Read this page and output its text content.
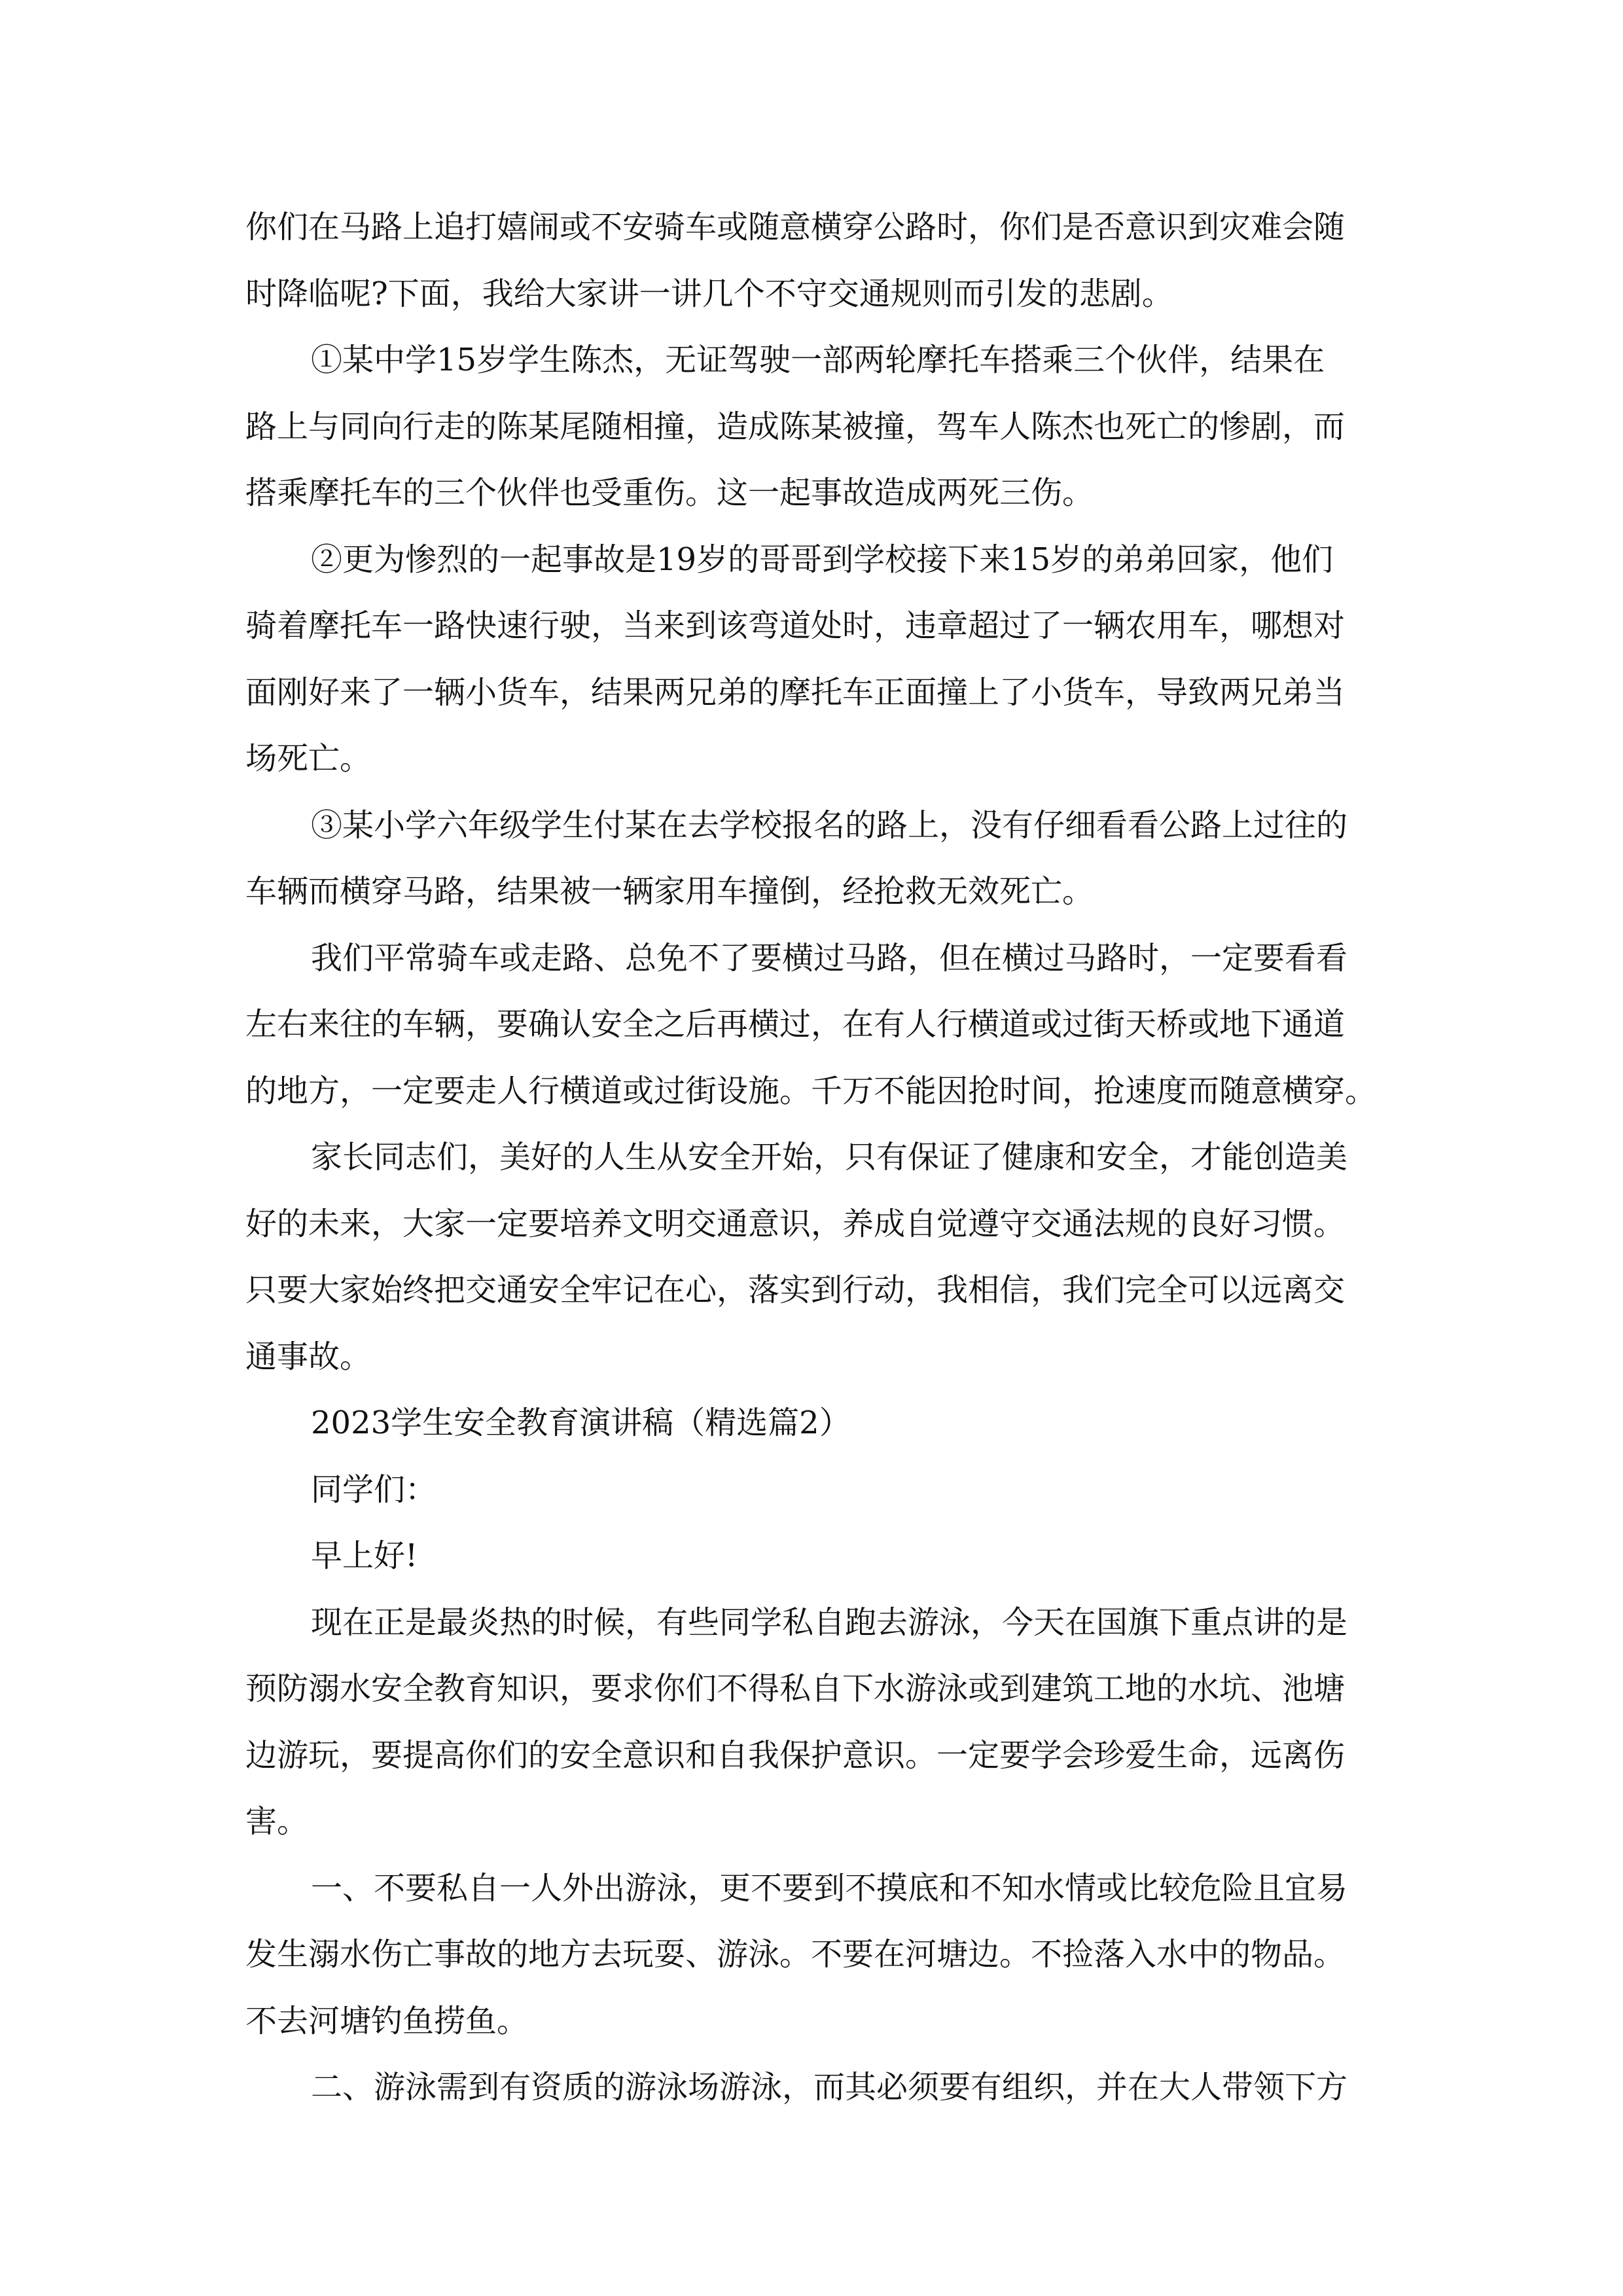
你们在马路上追打嬉闹或不安骑车或随意横穿公路时，你们是否意识到灾难会随

时降临呢?下面，我给大家讲一讲几个不守交通规则而引发的悲剧。

①某中学15岁学生陈杰，无证驾驶一部两轮摩托车搭乘三个伙伴，结果在

路上与同向行走的陈某尾随相撞，造成陈某被撞，驾车人陈杰也死亡的惨剧，而

搭乘摩托车的三个伙伴也受重伤。这一起事故造成两死三伤。

②更为惨烈的一起事故是19岁的哥哥到学校接下来15岁的弟弟回家，他们

骑着摩托车一路快速行驶，当来到该弯道处时，违章超过了一辆农用车，哪想对

面刚好来了一辆小货车，结果两兄弟的摩托车正面撞上了小货车，导致两兄弟当

场死亡。

③某小学六年级学生付某在去学校报名的路上，没有仔细看看公路上过往的

车辆而横穿马路，结果被一辆家用车撞倒，经抢救无效死亡。

我们平常骑车或走路、总免不了要横过马路，但在横过马路时，一定要看看

左右来往的车辆，要确认安全之后再横过，在有人行横道或过街天桥或地下通道

的地方，一定要走人行横道或过街设施。千万不能因抢时间，抢速度而随意横穿。

家长同志们，美好的人生从安全开始，只有保证了健康和安全，才能创造美

好的未来，大家一定要培养文明交通意识，养成自觉遵守交通法规的良好习惯。

只要大家始终把交通安全牢记在心，落实到行动，我相信，我们完全可以远离交

通事故。

2023学生安全教育演讲稿（精选篇2）

同学们：

早上好!

现在正是最炎热的时候，有些同学私自跑去游泳，今天在国旗下重点讲的是

预防溺水安全教育知识，要求你们不得私自下水游泳或到建筑工地的水坑、池塘

边游玩，要提高你们的安全意识和自我保护意识。一定要学会珍爱生命，远离伤

害。

一、不要私自一人外出游泳，更不要到不摸底和不知水情或比较危险且宜易

发生溺水伤亡事故的地方去玩耍、游泳。不要在河塘边。不捡落入水中的物品。

不去河塘钓鱼捞鱼。

二、游泳需到有资质的游泳场游泳，而其必须要有组织，并在大人带领下方
